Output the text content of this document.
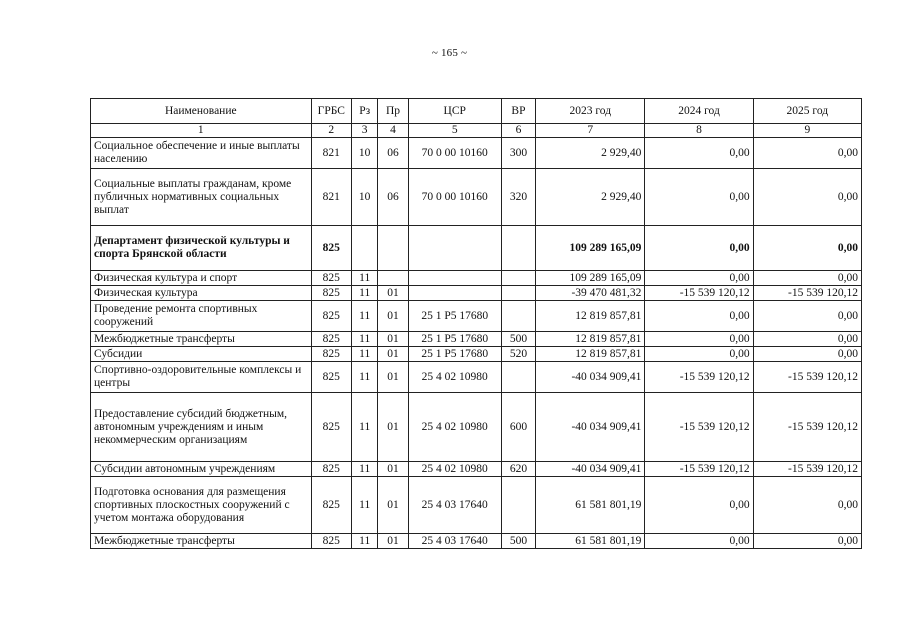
~ 165 ~
Наименование	ГРБС	Рз	Пр	ЦСР	ВР	2023 год	2024 год	2025 год
1	2	3	4	5	6	7	8	9
Социальное обеспечение и иные выплаты населению	821	10	06	70 0 00 10160	300	2 929,40	0,00	0,00
Социальные выплаты гражданам, кроме публичных нормативных социальных выплат	821	10	06	70 0 00 10160	320	2 929,40	0,00	0,00
Департамент физической культуры и спорта Брянской области	825					109 289 165,09	0,00	0,00
Физическая культура и спорт	825	11				109 289 165,09	0,00	0,00
Физическая культура	825	11	01			-39 470 481,32	-15 539 120,12	-15 539 120,12
Проведение ремонта спортивных сооружений	825	11	01	25 1 P5 17680		12 819 857,81	0,00	0,00
Межбюджетные трансферты	825	11	01	25 1 P5 17680	500	12 819 857,81	0,00	0,00
Субсидии	825	11	01	25 1 P5 17680	520	12 819 857,81	0,00	0,00
Спортивно-оздоровительные комплексы и центры	825	11	01	25 4 02 10980		-40 034 909,41	-15 539 120,12	-15 539 120,12
Предоставление субсидий бюджетным, автономным учреждениям и иным некоммерческим организациям	825	11	01	25 4 02 10980	600	-40 034 909,41	-15 539 120,12	-15 539 120,12
Субсидии автономным учреждениям	825	11	01	25 4 02 10980	620	-40 034 909,41	-15 539 120,12	-15 539 120,12
Подготовка основания для размещения спортивных плоскостных сооружений с учетом монтажа оборудования	825	11	01	25 4 03 17640		61 581 801,19	0,00	0,00
Межбюджетные трансферты	825	11	01	25 4 03 17640	500	61 581 801,19	0,00	0,00
